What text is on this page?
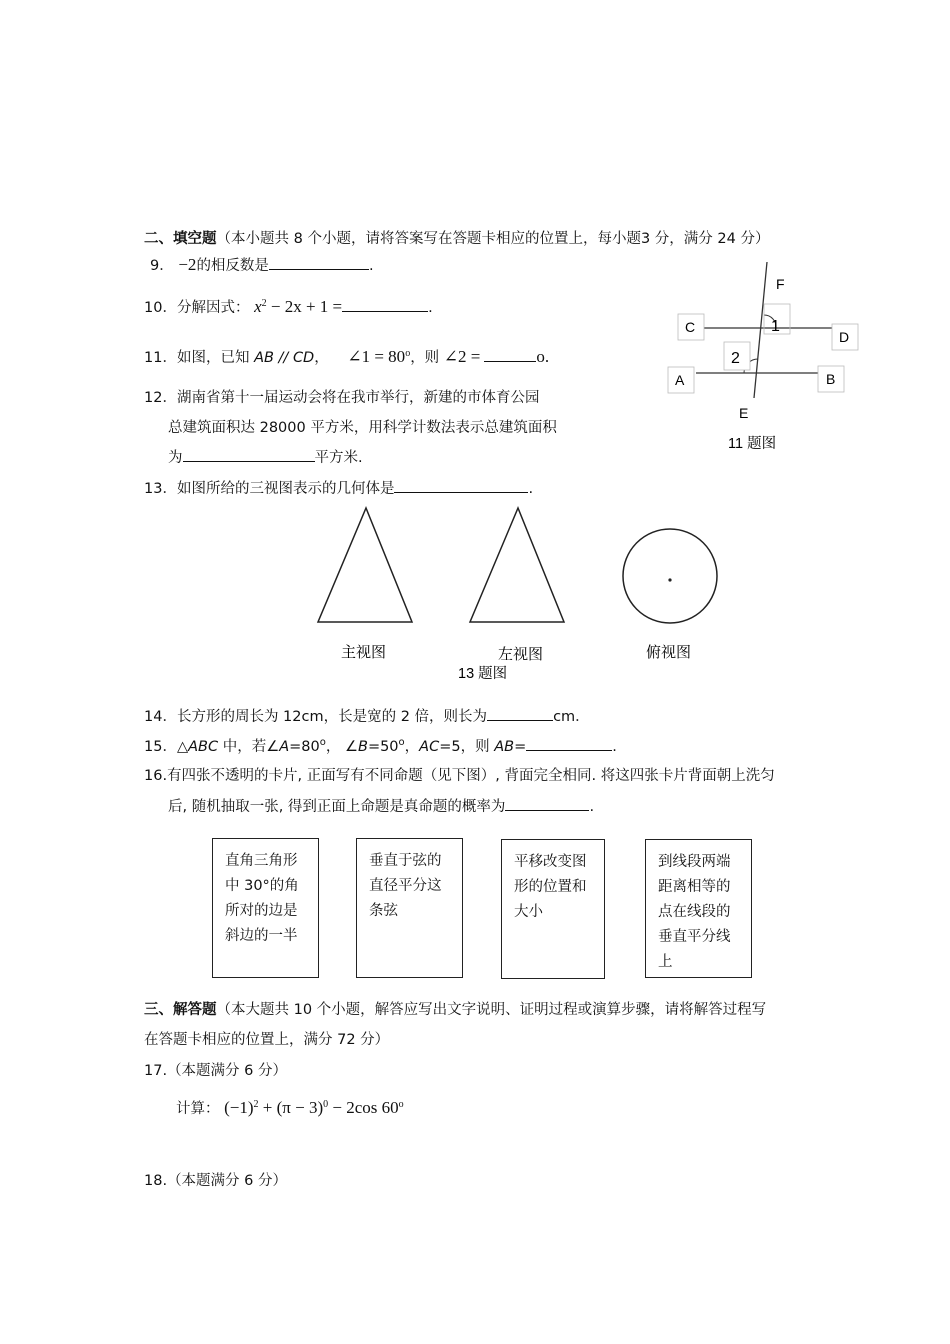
二、填空题（本小题共 8 个小题，请将答案写在答题卡相应的位置上，每小题3 分，满分 24 分）
9． −2的相反数是	.
10．分解因式： $x^2 - 2x + 1$ =	.
11．如图，已知 AB // CD， ∠1 = $80^o$，则 ∠2 =	o.
12．湖南省第十一届运动会将在我市举行，新建的市体育公园
总建筑面积达 28000 平方米，用科学计数法表示总建筑面积
为	平方米.
F
C	1
D
2
A	B
E
11 题图
13．如图所给的三视图表示的几何体是	.
主视图	左视图	俯视图
13 题图
14．长方形的周长为 12cm，长是宽的 2 倍，则长为	cm．
15．△ABC 中，若$\angle A=80^o$， $\angle B=50^o$，AC=5，则 AB=	.
16.有四张不透明的卡片, 正面写有不同命题（见下图）, 背面完全相同. 将这四张卡片背面朝上洗匀
后, 随机抽取一张, 得到正面上命题是真命题的概率为	.
直角三角形
中 30°的角
所对的边是
斜边的一半
垂直于弦的
直径平分这
条弦
平移改变图
形的位置和
大小
到线段两端
距离相等的
点在线段的
垂直平分线
上
三、解答题（本大题共 10 个小题，解答应写出文字说明、证明过程或演算步骤，请将解答过程写
在答题卡相应的位置上，满分 72 分）
17.（本题满分 6 分）
计算： $(-1)^2 + (\pi - 3)^0 - 2\cos$ 60$^o$
18.（本题满分 6 分）
